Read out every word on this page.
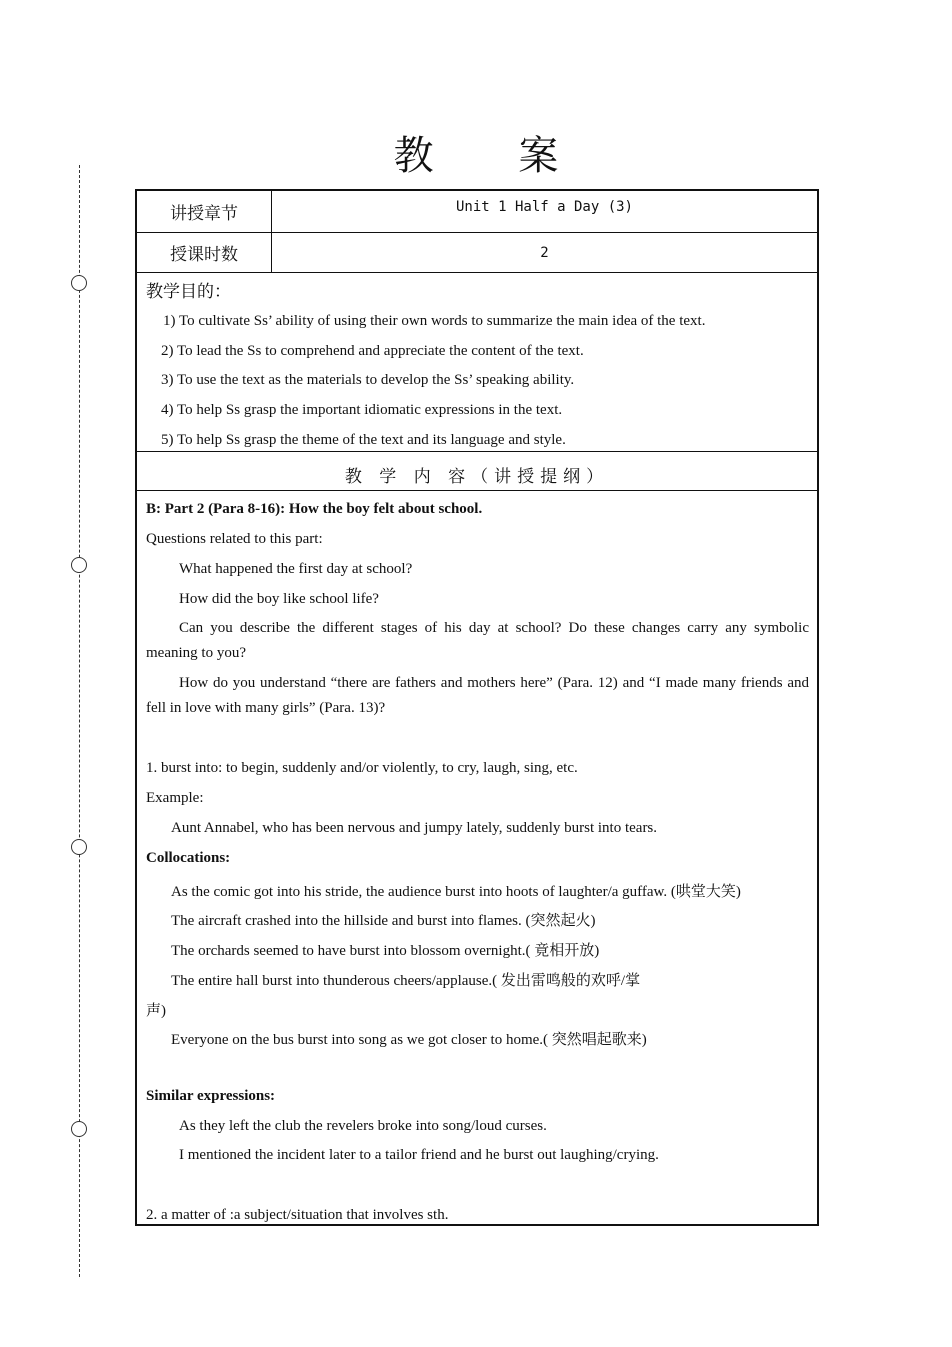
教 案
讲授章节	Unit 1 Half a Day (3)
授课时数	2
教学目的：
1) To cultivate Ss’ ability of using their own words to summarize the main idea of the text.
2) To lead the Ss to comprehend and appreciate the content of the text.
3) To use the text as the materials to develop the Ss’ speaking ability.
4) To help Ss grasp the important idiomatic expressions in the text.
5) To help Ss grasp the theme of the text and its language and style.
教 学 内 容（讲授提纲）
B: Part 2 (Para 8-16): How the boy felt about school.
Questions related to this part:
What happened the first day at school?
How did the boy like school life?
Can you describe the different stages of his day at school? Do these changes carry any symbolic meaning to you?
How do you understand “there are fathers and mothers here” (Para. 12) and “I made many friends and fell in love with many girls” (Para. 13)?
1. burst into: to begin, suddenly and/or violently, to cry, laugh, sing, etc.
Example:
Aunt Annabel, who has been nervous and jumpy lately, suddenly burst into tears.
Collocations:
As the comic got into his stride, the audience burst into hoots of laughter/a guffaw. (哄堂大笑)
The aircraft crashed into the hillside and burst into flames. (突然起火)
The orchards seemed to have burst into blossom overnight.( 竟相开放)
The entire hall burst into thunderous cheers/applause.( 发出雷鸣般的欢呼/掌
声)
Everyone on the bus burst into song as we got closer to home.( 突然唱起歌来)
Similar expressions:
As they left the club the revelers broke into song/loud curses.
I mentioned the incident later to a tailor friend and he burst out laughing/crying.
2. a matter of :a subject/situation that involves sth.
